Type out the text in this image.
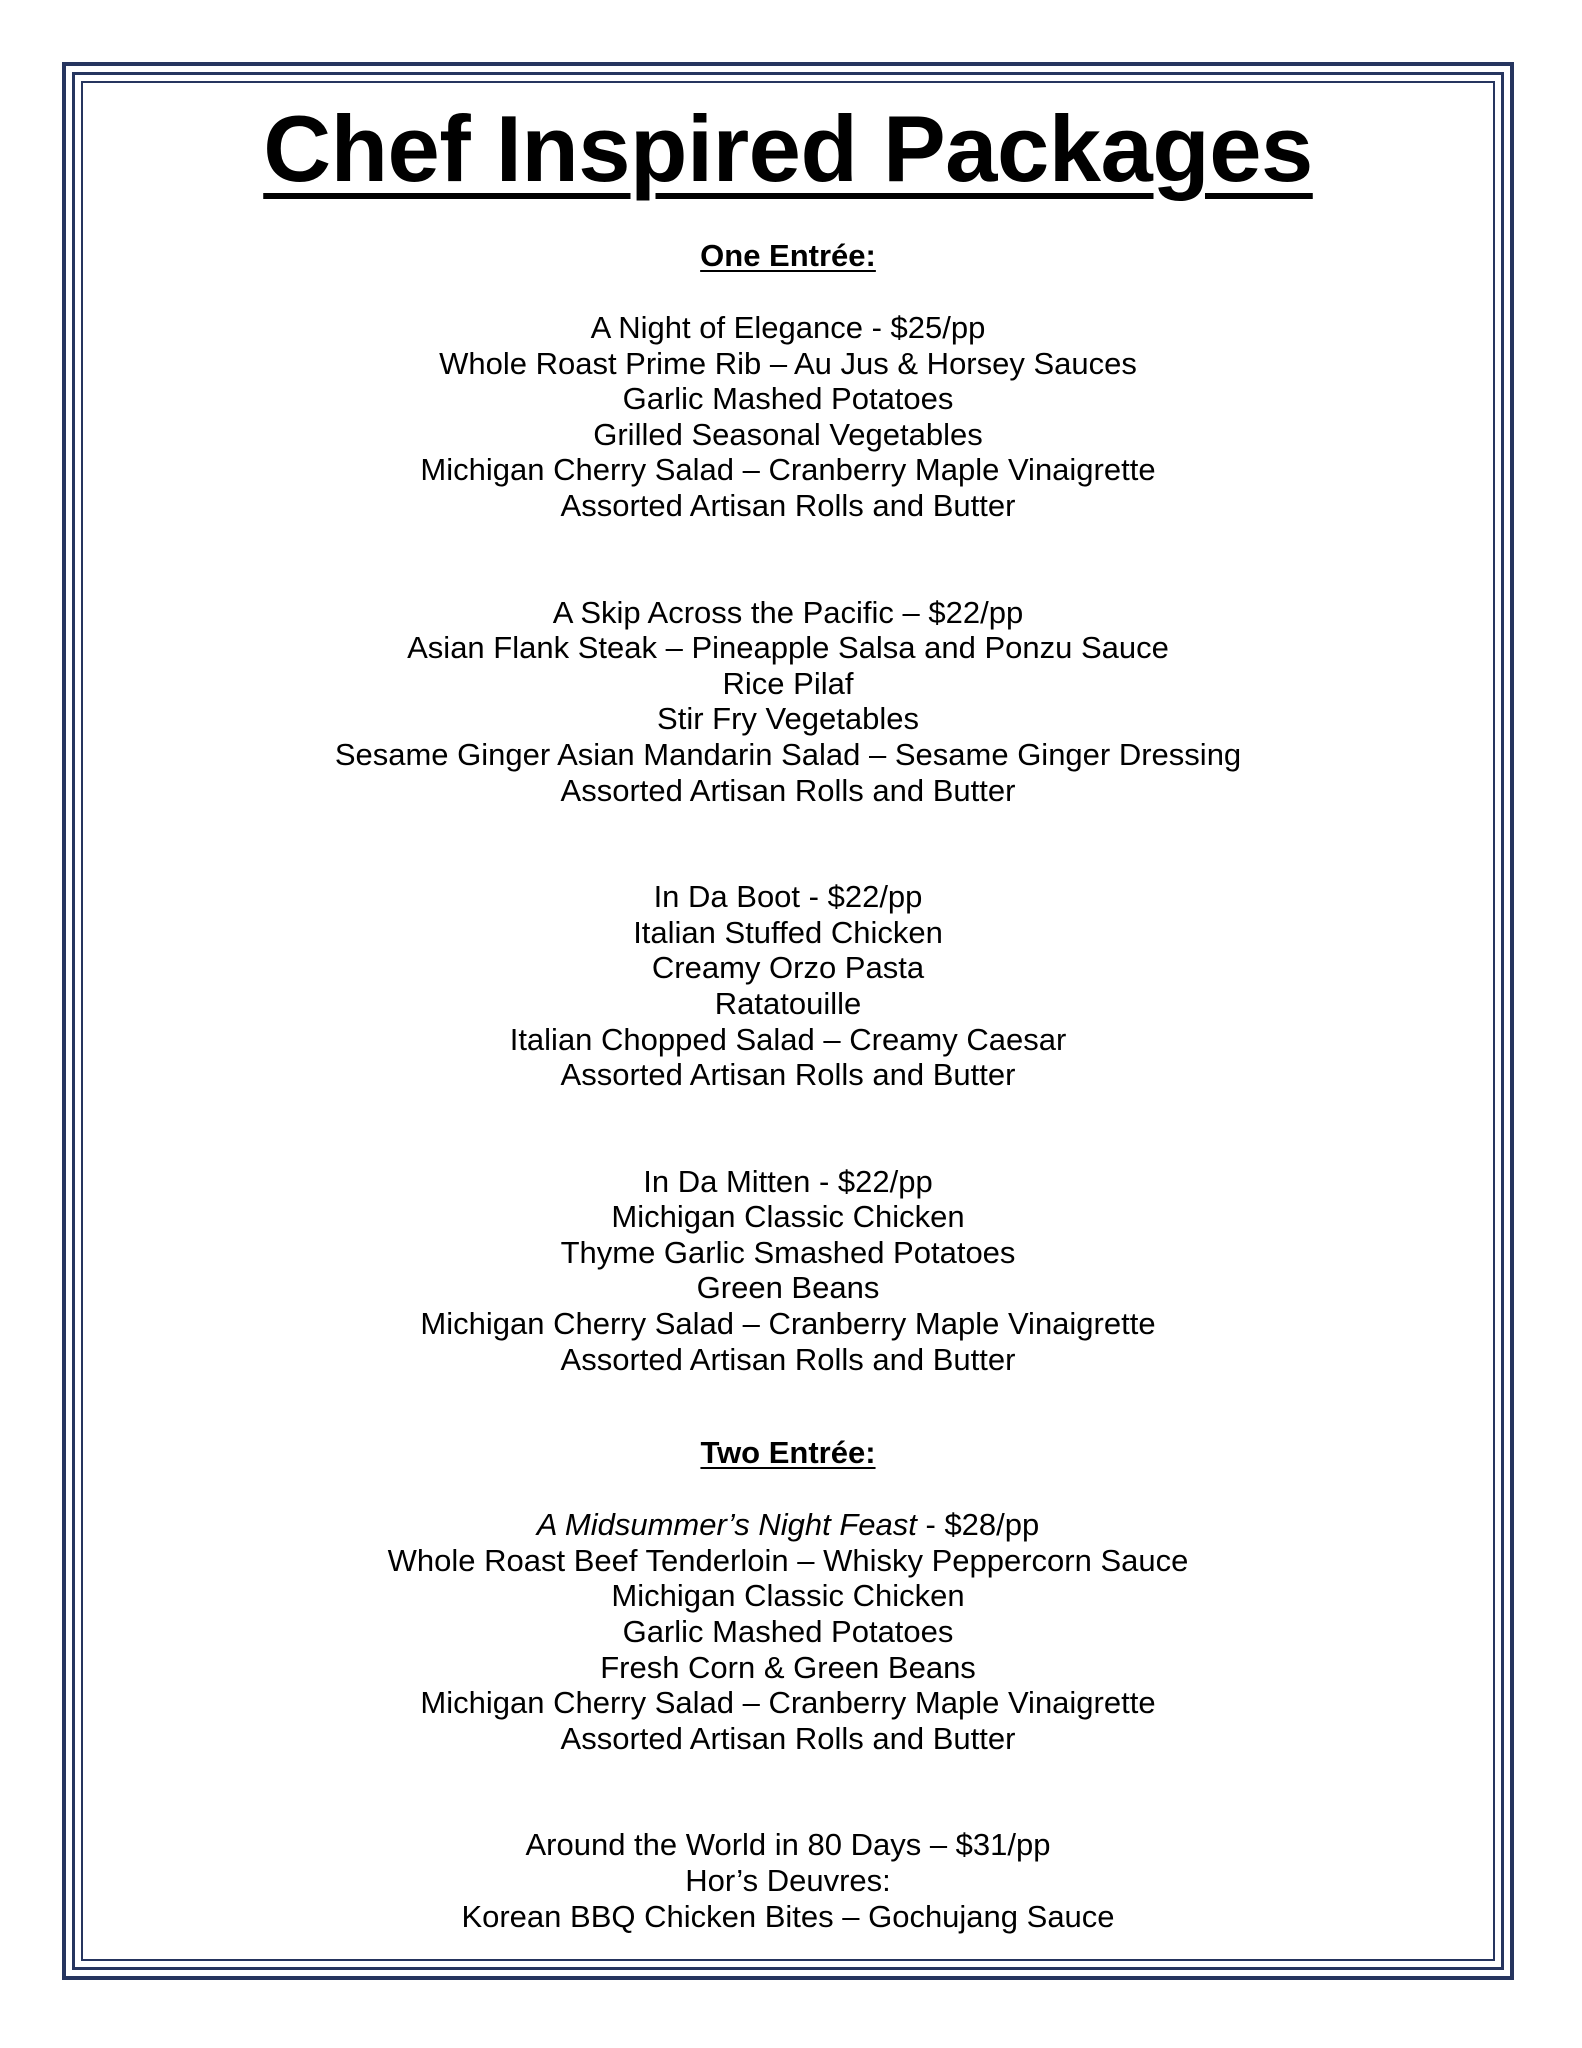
Chef Inspired Packages
One Entrée:
A Night of Elegance - $25/pp
Whole Roast Prime Rib – Au Jus & Horsey Sauces
Garlic Mashed Potatoes
Grilled Seasonal Vegetables
Michigan Cherry Salad – Cranberry Maple Vinaigrette
Assorted Artisan Rolls and Butter
A Skip Across the Pacific – $22/pp
Asian Flank Steak – Pineapple Salsa and Ponzu Sauce
Rice Pilaf
Stir Fry Vegetables
Sesame Ginger Asian Mandarin Salad – Sesame Ginger Dressing
Assorted Artisan Rolls and Butter
In Da Boot - $22/pp
Italian Stuffed Chicken
Creamy Orzo Pasta
Ratatouille
Italian Chopped Salad – Creamy Caesar
Assorted Artisan Rolls and Butter
In Da Mitten - $22/pp
Michigan Classic Chicken
Thyme Garlic Smashed Potatoes
Green Beans
Michigan Cherry Salad – Cranberry Maple Vinaigrette
Assorted Artisan Rolls and Butter
Two Entrée:
A Midsummer’s Night Feast - $28/pp
Whole Roast Beef Tenderloin – Whisky Peppercorn Sauce
Michigan Classic Chicken
Garlic Mashed Potatoes
Fresh Corn & Green Beans
Michigan Cherry Salad – Cranberry Maple Vinaigrette
Assorted Artisan Rolls and Butter
Around the World in 80 Days – $31/pp
Hor’s Deuvres:
Korean BBQ Chicken Bites – Gochujang Sauce
